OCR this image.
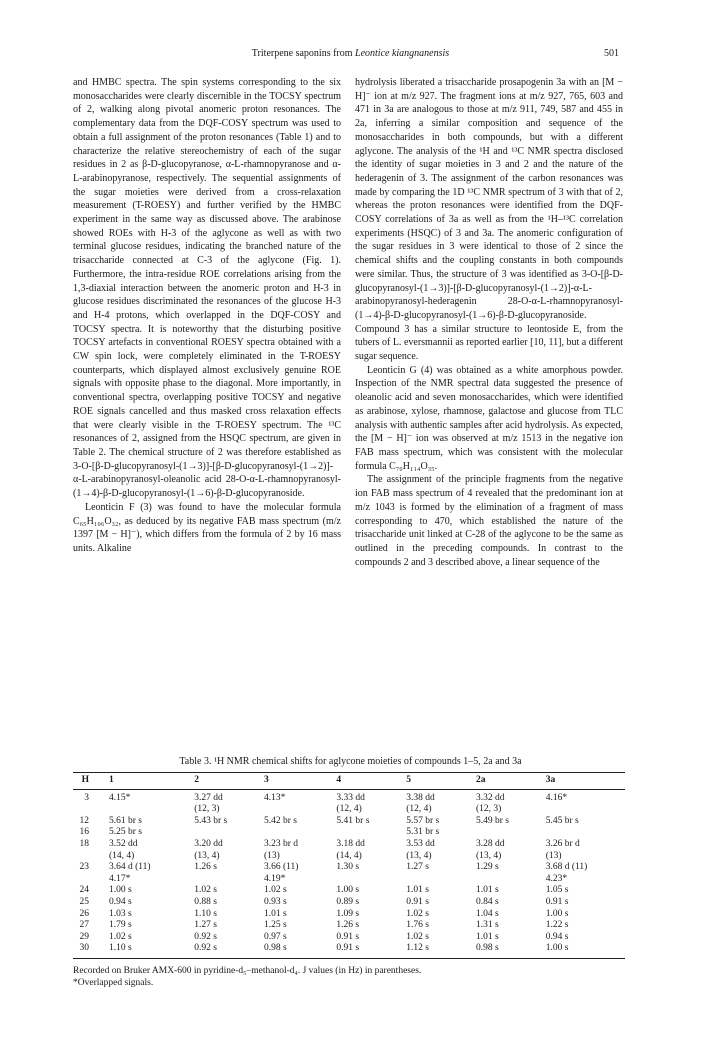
Triterpene saponins from Leontice kiangnanensis	501

and HMBC spectra. The spin systems corresponding to the six monosaccharides were clearly discernible in the TOCSY spectrum of 2, walking along pivotal anomeric proton resonances. The complementary data from the DQF-COSY spectrum was used to obtain a full assignment of the proton resonances (Table 1) and to characterize the relative stereochemistry of each of the sugar residues in 2 as β-D-glucopyranose, α-L-rhamnopyranose and α-L-arabinopyranose, respectively. The sequential assignments of the sugar moieties were derived from a cross-relaxation measurement (T-ROESY) and further verified by the HMBC experiment in the same way as discussed above. The arabinose showed ROEs with H-3 of the aglycone as well as with two terminal glucose residues, indicating the branched nature of the trisaccharide connected at C-3 of the aglycone (Fig. 1). Furthermore, the intra-residue ROE correlations arising from the 1,3-diaxial interaction between the anomeric proton and H-3 in glucose residues discriminated the resonances of the glucose H-3 and H-4 protons, which overlapped in the DQF-COSY and TOCSY spectra. It is noteworthy that the disturbing positive TOCSY artefacts in conventional ROESY spectra obtained with a CW spin lock, were completely eliminated in the T-ROESY counterparts, which displayed almost exclusively genuine ROE signals with opposite phase to the diagonal. More importantly, in conventional spectra, overlapping positive TOCSY and negative ROE signals cancelled and thus masked cross relaxation effects that were clearly visible in the T-ROESY spectrum. The ¹³C resonances of 2, assigned from the HSQC spectrum, are given in Table 2. The chemical structure of 2 was therefore established as 3-O-[β-D-glucopyranosyl-(1→3)]-[β-D-glucopyranosyl-(1→2)]-α-L-arabinopyranosyl-oleanolic acid 28-O-α-L-rhamnopyranosyl-(1→4)-β-D-glucopyranosyl-(1→6)-β-D-glucopyranoside.

Leonticin F (3) was found to have the molecular formula C₆₅H₁₀₆O₃₂, as deduced by its negative FAB mass spectrum (m/z 1397 [M − H]⁻), which differs from the formula of 2 by 16 mass units. Alkaline

hydrolysis liberated a trisaccharide prosapogenin 3a with an [M − H]⁻ ion at m/z 927. The fragment ions at m/z 927, 765, 603 and 471 in 3a are analogous to those at m/z 911, 749, 587 and 455 in 2a, inferring a similar composition and sequence of the monosaccharides in both compounds, but with a different aglycone. The analysis of the ¹H and ¹³C NMR spectra disclosed the identity of sugar moieties in 3 and 2 and the nature of the hederagenin of 3. The assignment of the carbon resonances was made by comparing the 1D ¹³C NMR spectrum of 3 with that of 2, whereas the proton resonances were identified from the DQF-COSY correlations of 3a as well as from the ¹H–¹³C correlation experiments (HSQC) of 3 and 3a. The anomeric configuration of the sugar residues in 3 were identical to those of 2 since the chemical shifts and the coupling constants in both compounds were similar. Thus, the structure of 3 was identified as 3-O-[β-D-glucopyranosyl-(1→3)]-[β-D-glucopyranosyl-(1→2)]-α-L-arabinopyranosyl-hederagenin 28-O-α-L-rhamnopyranosyl-(1→4)-β-D-glucopyranosyl-(1→6)-β-D-glucopyranoside. Compound 3 has a similar structure to leontoside E, from the tubers of L. eversmannii as reported earlier [10, 11], but a different sugar sequence.

Leonticin G (4) was obtained as a white amorphous powder. Inspection of the NMR spectral data suggested the presence of oleanolic acid and seven monosaccharides, which were identified as arabinose, xylose, rhamnose, galactose and glucose from TLC analysis with authentic samples after acid hydrolysis. As expected, the [M − H]⁻ ion was observed at m/z 1513 in the negative ion FAB mass spectrum, which was consistent with the molecular formula C₇₀H₁₁₄O₃₅.

The assignment of the principle fragments from the negative ion FAB mass spectrum of 4 revealed that the predominant ion at m/z 1043 is formed by the elimination of a fragment of mass corresponding to 470, which established the nature of the trisaccharide unit linked at C-28 of the aglycone to be the same as outlined in the preceding compounds. In contrast to the compounds 2 and 3 described above, a linear sequence of the

Table 3. ¹H NMR chemical shifts for aglycone moieties of compounds 1–5, 2a and 3a
H	1	2	3	4	5	2a	3a
3	4.15*	3.27 dd	4.13*	3.33 dd	3.38 dd	3.32 dd	4.16*
		(12, 3)		(12, 4)	(12, 4)	(12, 3)	
12	5.61 br s	5.43 br s	5.42 br s	5.41 br s	5.57 br s	5.49 br s	5.45 br s
16	5.25 br s				5.31 br s		
18	3.52 dd	3.20 dd	3.23 br d	3.18 dd	3.53 dd	3.28 dd	3.26 br d
	(14, 4)	(13, 4)	(13)	(14, 4)	(13, 4)	(13, 4)	(13)
23	3.64 d (11)	1.26 s	3.66 (11)	1.30 s	1.27 s	1.29 s	3.68 d (11)
	4.17*		4.19*				4.23*
24	1.00 s	1.02 s	1.02 s	1.00 s	1.01 s	1.01 s	1.05 s
25	0.94 s	0.88 s	0.93 s	0.89 s	0.91 s	0.84 s	0.91 s
26	1.03 s	1.10 s	1.01 s	1.09 s	1.02 s	1.04 s	1.00 s
27	1.79 s	1.27 s	1.25 s	1.26 s	1.76 s	1.31 s	1.22 s
29	1.02 s	0.92 s	0.97 s	0.91 s	1.02 s	1.01 s	0.94 s
30	1.10 s	0.92 s	0.98 s	0.91 s	1.12 s	0.98 s	1.00 s

Recorded on Bruker AMX-600 in pyridine-d₅–methanol-d₄. J values (in Hz) in parentheses.

*Overlapped signals.
